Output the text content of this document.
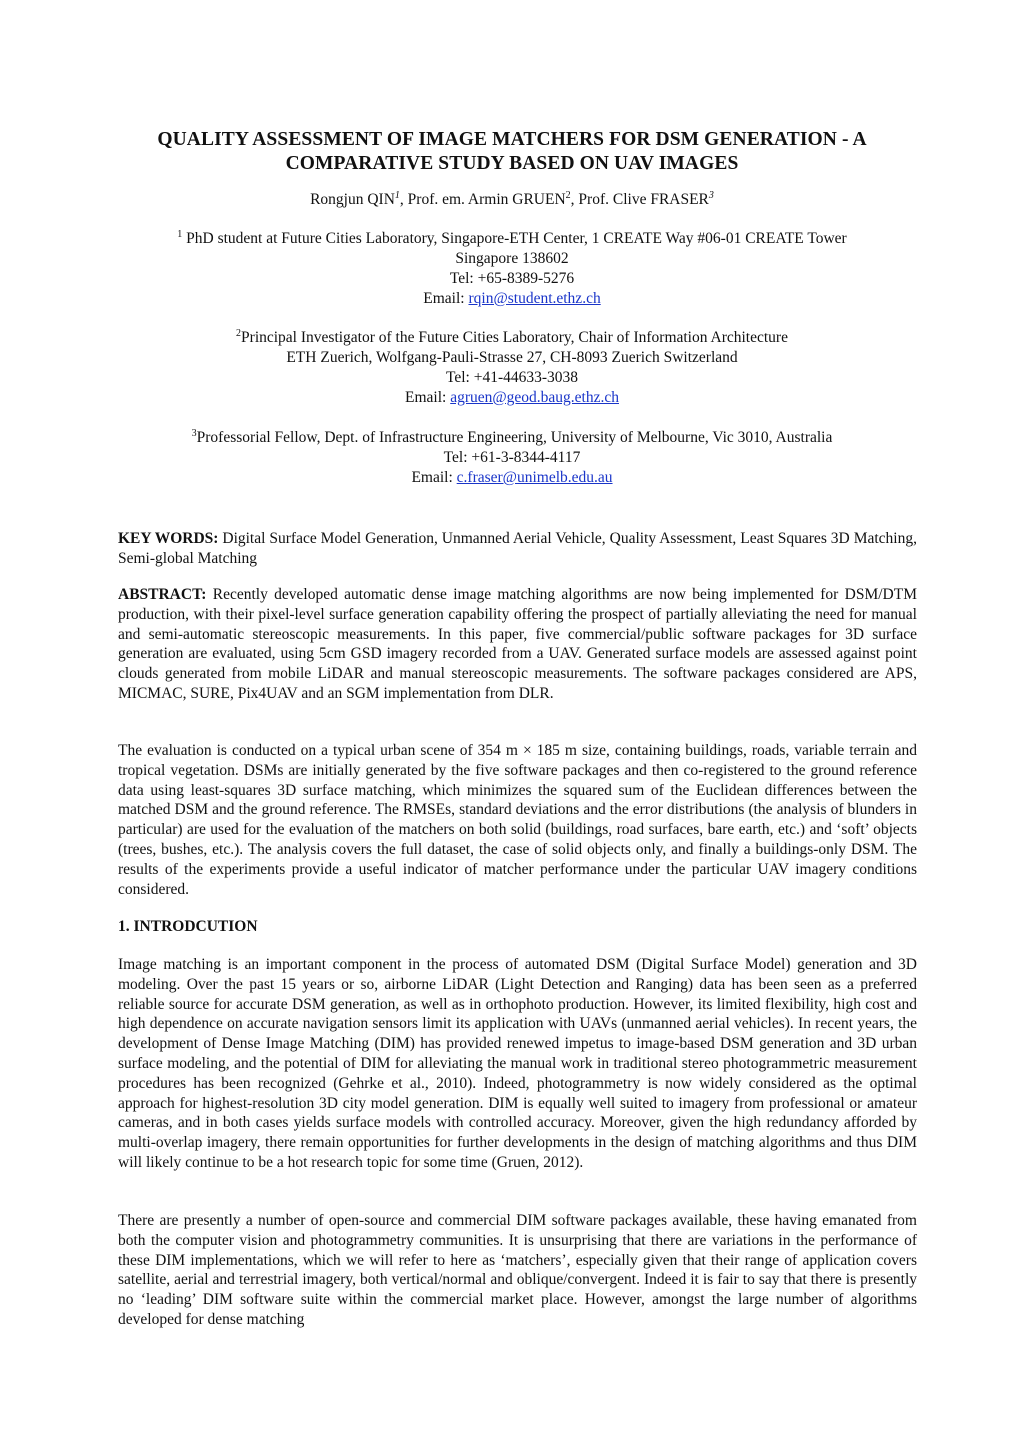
QUALITY ASSESSMENT OF IMAGE MATCHERS FOR DSM GENERATION - A
COMPARATIVE STUDY BASED ON UAV IMAGES
Rongjun QIN$^1$, Prof. em. Armin GRUEN$^2$, Prof. Clive FRASER$^3$
$^1$ PhD student at Future Cities Laboratory, Singapore-ETH Center, 1 CREATE Way #06-01 CREATE Tower
Singapore 138602
Tel: +65-8389-5276
Email: rqin@student.ethz.ch
$^2$Principal Investigator of the Future Cities Laboratory, Chair of Information Architecture
ETH Zuerich, Wolfgang-Pauli-Strasse 27, CH-8093 Zuerich Switzerland
Tel: +41-44633-3038
Email: agruen@geod.baug.ethz.ch
$^3$Professorial Fellow, Dept. of Infrastructure Engineering, University of Melbourne, Vic 3010, Australia
Tel: +61-3-8344-4117
Email: c.fraser@unimelb.edu.au
KEY WORDS: Digital Surface Model Generation, Unmanned Aerial Vehicle, Quality Assessment, Least Squares 3D Matching, Semi-global Matching
ABSTRACT: Recently developed automatic dense image matching algorithms are now being implemented for DSM/DTM production, with their pixel-level surface generation capability offering the prospect of partially alleviating the need for manual and semi-automatic stereoscopic measurements. In this paper, five commercial/public software packages for 3D surface generation are evaluated, using 5cm GSD imagery recorded from a UAV. Generated surface models are assessed against point clouds generated from mobile LiDAR and manual stereoscopic measurements. The software packages considered are APS, MICMAC, SURE, Pix4UAV and an SGM implementation from DLR.
The evaluation is conducted on a typical urban scene of 354 m × 185 m size, containing buildings, roads, variable terrain and tropical vegetation. DSMs are initially generated by the five software packages and then co-registered to the ground reference data using least-squares 3D surface matching, which minimizes the squared sum of the Euclidean differences between the matched DSM and the ground reference. The RMSEs, standard deviations and the error distributions (the analysis of blunders in particular) are used for the evaluation of the matchers on both solid (buildings, road surfaces, bare earth, etc.) and ‘soft’ objects (trees, bushes, etc.). The analysis covers the full dataset, the case of solid objects only, and finally a buildings-only DSM. The results of the experiments provide a useful indicator of matcher performance under the particular UAV imagery conditions considered.
1. INTRODCUTION
Image matching is an important component in the process of automated DSM (Digital Surface Model) generation and 3D modeling. Over the past 15 years or so, airborne LiDAR (Light Detection and Ranging) data has been seen as a preferred reliable source for accurate DSM generation, as well as in orthophoto production. However, its limited flexibility, high cost and high dependence on accurate navigation sensors limit its application with UAVs (unmanned aerial vehicles). In recent years, the development of Dense Image Matching (DIM) has provided renewed impetus to image-based DSM generation and 3D urban surface modeling, and the potential of DIM for alleviating the manual work in traditional stereo photogrammetric measurement procedures has been recognized (Gehrke et al., 2010). Indeed, photogrammetry is now widely considered as the optimal approach for highest-resolution 3D city model generation. DIM is equally well suited to imagery from professional or amateur cameras, and in both cases yields surface models with controlled accuracy. Moreover, given the high redundancy afforded by multi-overlap imagery, there remain opportunities for further developments in the design of matching algorithms and thus DIM will likely continue to be a hot research topic for some time (Gruen, 2012).
There are presently a number of open-source and commercial DIM software packages available, these having emanated from both the computer vision and photogrammetry communities. It is unsurprising that there are variations in the performance of these DIM implementations, which we will refer to here as ‘matchers’, especially given that their range of application covers satellite, aerial and terrestrial imagery, both vertical/normal and oblique/convergent. Indeed it is fair to say that there is presently no ‘leading’ DIM software suite within the commercial market place. However, amongst the large number of algorithms developed for dense matching
